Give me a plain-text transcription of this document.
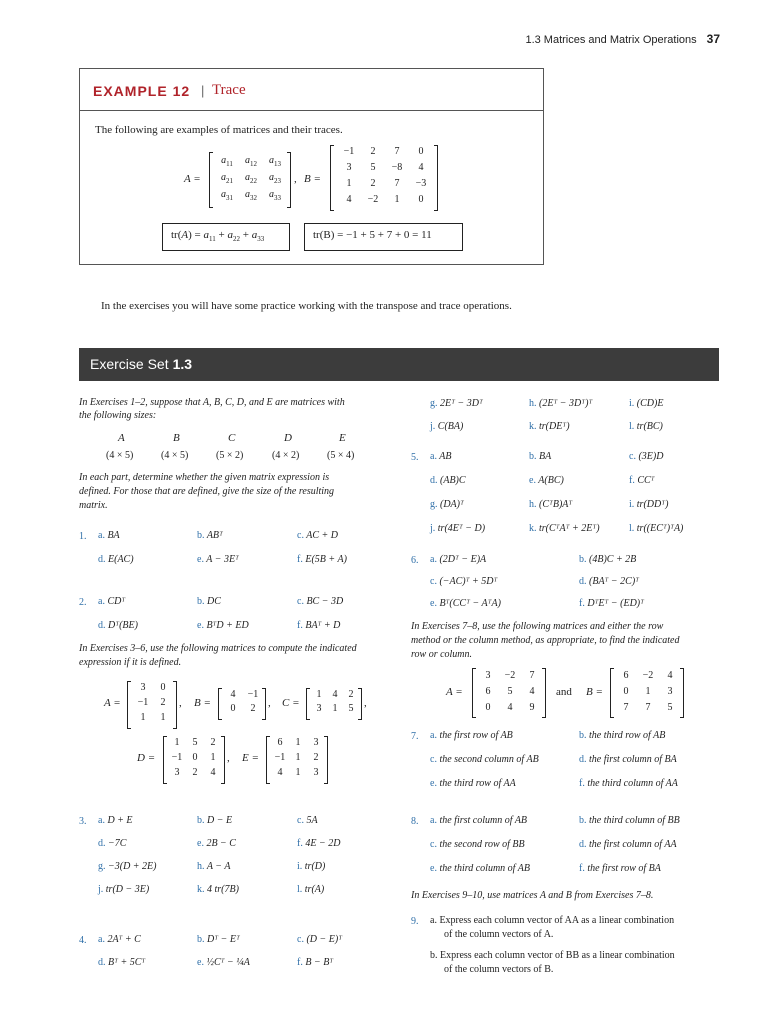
1.3 Matrices and Matrix Operations 37
EXAMPLE 12 | Trace
The following are examples of matrices and their traces.
A =
$a_{11}$	$a_{12}$	$a_{13}$
$a_{21}$	$a_{22}$	$a_{23}$
$a_{31}$	$a_{32}$	$a_{33}$
, B =
−1	2	7	0
3	5	−8	4
1	2	7	−3
4	−2	1	0
$tr(A) = a_{11} + a_{22} + a_{33}$	tr(B) = −1 + 5 + 7 + 0 = 11
In the exercises you will have some practice working with the transpose and trace operations.
Exercise Set 1.3
In Exercises 1–2, suppose that A, B, C, D, and E are matrices with
the following sizes:
A
(4 × 5)
B
(4 × 5)
C
(5 × 2)
D
(4 × 2)
E
(5 × 4)
In each part, determine whether the given matrix expression is
defined. For those that are defined, give the size of the resulting
matrix.
1. a. BA	b. ABᵀ	c. AC + D
d. E(AC)	e. A − 3Eᵀ	f. E(5B + A)
2. a. CDᵀ	b. DC	c. BC − 3D
d. Dᵀ(BE)	e. BᵀD + ED	f. BAᵀ + D
In Exercises 3–6, use the following matrices to compute the indicated
expression if it is defined.
A =
3	0
−1	2
1	1
, B =
4	−1
0	2	, C =
1	4	2
3	1	5 ,
D =
1	5	2
−1	0	1
3	2	4
, E =
6	1	3
−1	1	2
4	1	3
3. a. D + E	b. D − E	c. 5A
d. −7C	e. 2B − C	f. 4E − 2D
g. −3(D + 2E)	h. A − A	i. tr(D)
j. tr(D − 3E)	k. 4 tr(7B)	l. tr(A)
4. a. 2Aᵀ + C	b. Dᵀ − Eᵀ	c. (D − E)ᵀ
d. Bᵀ + 5Cᵀ	e. ½Cᵀ − ¼A	f. B − Bᵀ
g. 2Eᵀ − 3Dᵀ	h. (2Eᵀ − 3Dᵀ)ᵀ	i. (CD)E
j. C(BA)	k. tr(DEᵀ)	l. tr(BC)
5. a. AB	b. BA	c. (3E)D
d. (AB)C	e. A(BC)	f. CCᵀ
g. (DA)ᵀ	h. (CᵀB)Aᵀ	i. tr(DDᵀ)
j. tr(4Eᵀ − D)	k. tr(CᵀAᵀ + 2Eᵀ)	l. tr((ECᵀ)ᵀA)
6. a. (2Dᵀ − E)A	b. (4B)C + 2B
c. (−AC)ᵀ + 5Dᵀ	d. (BAᵀ − 2C)ᵀ
e. Bᵀ(CCᵀ − AᵀA)	f. DᵀEᵀ − (ED)ᵀ
In Exercises 7–8, use the following matrices and either the row
method or the column method, as appropriate, to find the indicated
row or column.
A =
3	−2	7
6	5	4
0	4	9
and B =
6	−2	4
0	1	3
7	7	5
7. a. the first row of AB	b. the third row of AB
c. the second column of AB	d. the first column of BA
e. the third row of AA	f. the third column of AA
8. a. the first column of AB	b. the third column of BB
c. the second row of BB	d. the first column of AA
e. the third column of AB	f. the first row of BA
In Exercises 9–10, use matrices A and B from Exercises 7–8.
9. a. Express each column vector of AA as a linear combination
of the column vectors of A.
b. Express each column vector of BB as a linear combination
of the column vectors of B.
